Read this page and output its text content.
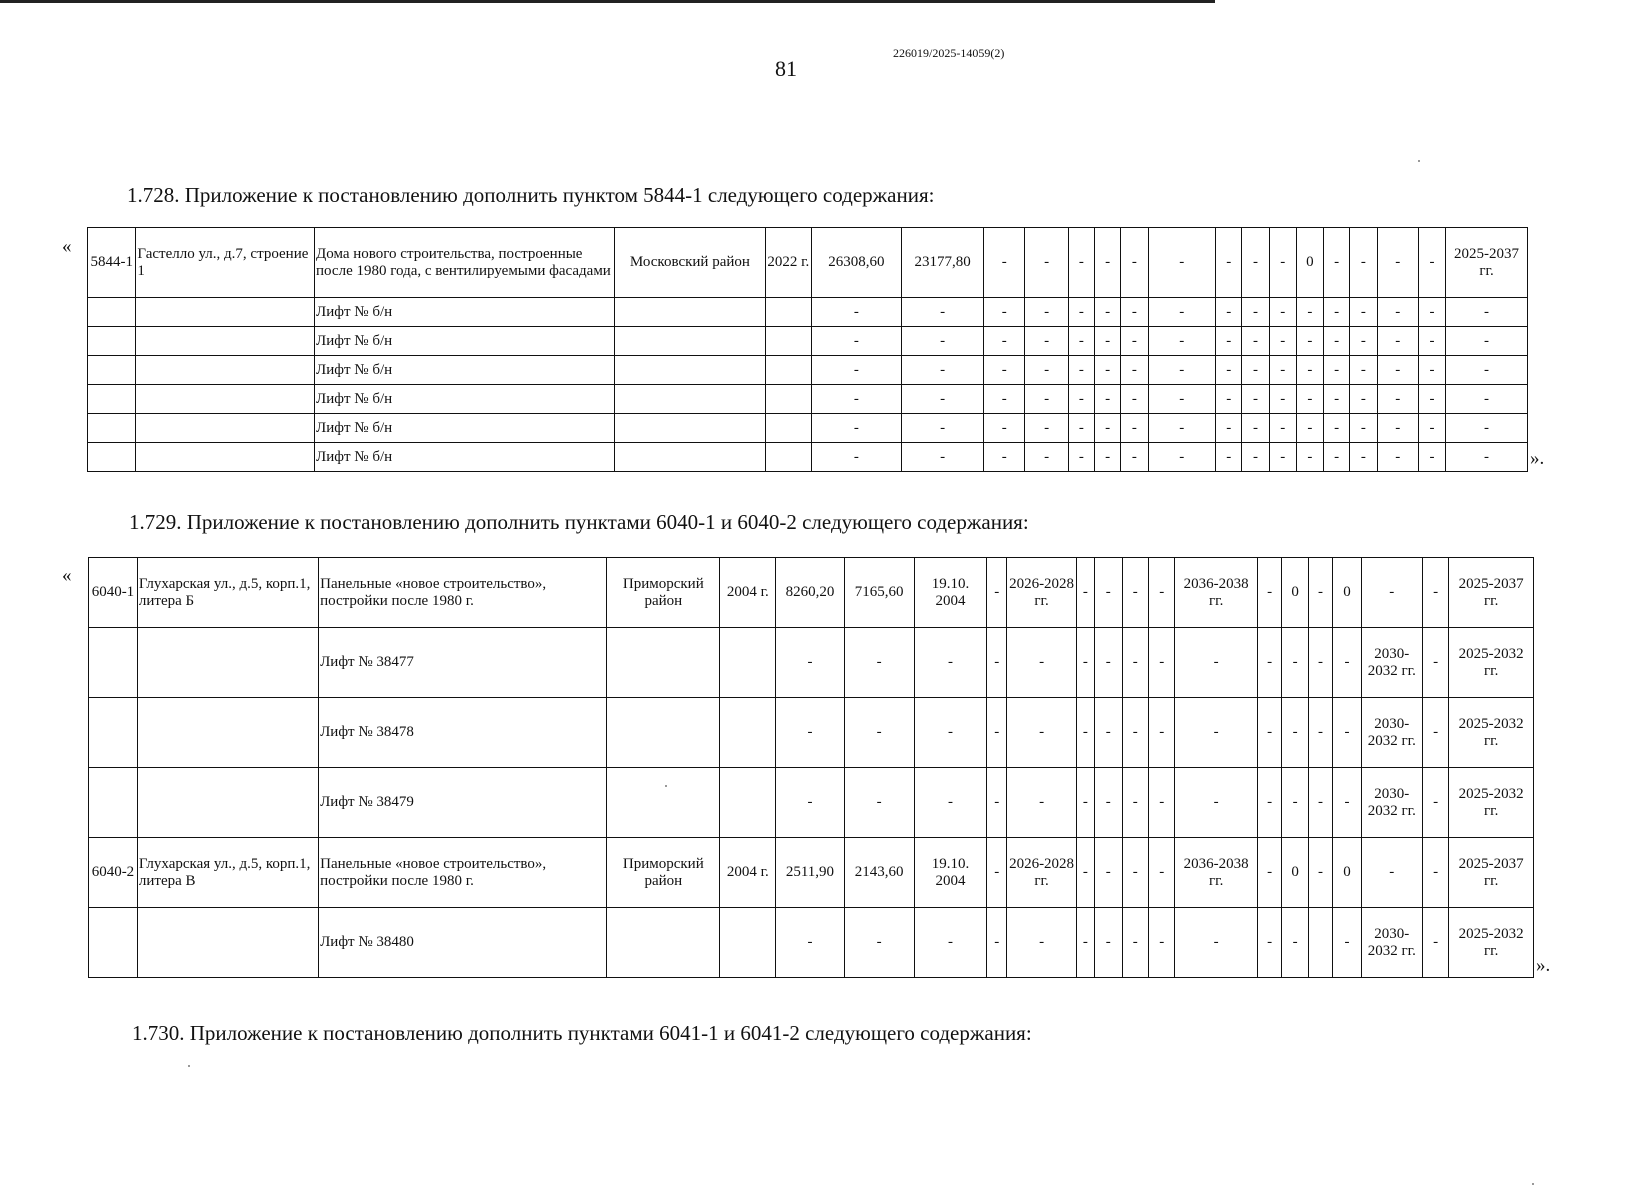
81
226019/2025-14059(2)
1.728. Приложение к постановлению дополнить пунктом 5844-1 следующего содержания:
«
».
5844-1	Гастелло ул., д.7, строение 1	Дома нового строительства, построенные после 1980 года, с вентилируемыми фасадами	Московский район	2022 г.	26308,60	23177,80	-	-	-	-	-	-	-	-	-	0	-	-	-	-	2025-2037 гг.
		Лифт № б/н			-	-	-	-	-	-	-	-	-	-	-	-	-	-	-	-	-
		Лифт № б/н			-	-	-	-	-	-	-	-	-	-	-	-	-	-	-	-	-
		Лифт № б/н			-	-	-	-	-	-	-	-	-	-	-	-	-	-	-	-	-
		Лифт № б/н			-	-	-	-	-	-	-	-	-	-	-	-	-	-	-	-	-
		Лифт № б/н			-	-	-	-	-	-	-	-	-	-	-	-	-	-	-	-	-
		Лифт № б/н			-	-	-	-	-	-	-	-	-	-	-	-	-	-	-	-	-
1.729. Приложение к постановлению дополнить пунктами 6040-1 и 6040-2 следующего содержания:
«
».
6040-1	Глухарская ул., д.5, корп.1, литера Б	Панельные «новое строительство», постройки после 1980 г.	Приморский район	2004 г.	8260,20	7165,60	19.10. 2004	-	2026-2028 гг.	-	-	-	-	2036-2038 гг.	-	0	-	0	-	-	2025-2037 гг.
		Лифт № 38477			-	-	-	-	-	-	-	-	-	-	-	-	-	-	2030-2032 гг.	-	2025-2032 гг.
		Лифт № 38478			-	-	-	-	-	-	-	-	-	-	-	-	-	-	2030-2032 гг.	-	2025-2032 гг.
		Лифт № 38479			-	-	-	-	-	-	-	-	-	-	-	-	-	-	2030-2032 гг.	-	2025-2032 гг.
6040-2	Глухарская ул., д.5, корп.1, литера В	Панельные «новое строительство», постройки после 1980 г.	Приморский район	2004 г.	2511,90	2143,60	19.10. 2004	-	2026-2028 гг.	-	-	-	-	2036-2038 гг.	-	0	-	0	-	-	2025-2037 гг.
		Лифт № 38480			-	-	-	-	-	-	-	-	-	-	-	-		-	2030-2032 гг.	-	2025-2032 гг.
1.730. Приложение к постановлению дополнить пунктами 6041-1 и 6041-2 следующего содержания:
